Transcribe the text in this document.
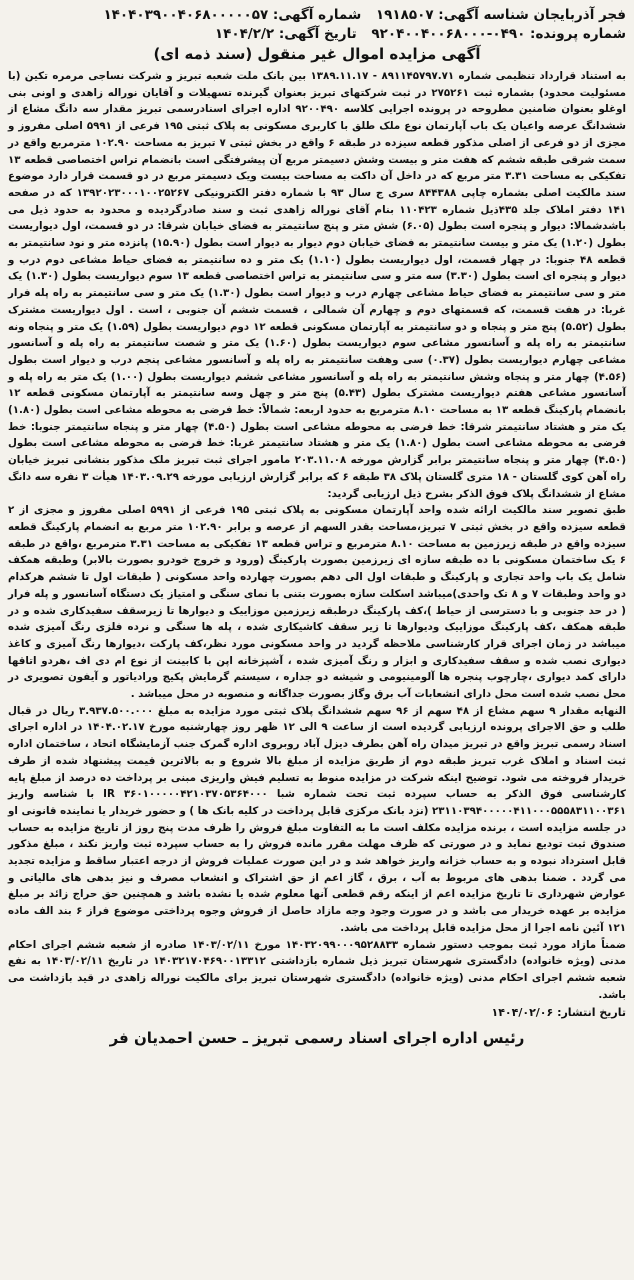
فجر آذربایجان شناسه آگهی: ۱۹۱۸۵۰۷ شماره آگهی: ۱۴۰۴۰۳۹۰۰۴۰۶۸۰۰۰۰۰۵۷
شماره پرونده: ۰۴۹۰-۹۲۰۴۰۰۴۰۰۶۸۰۰۰ تاریخ آگهی: ۱۴۰۴/۲/۲
آگهی مزایده اموال غیر منقول (سند ذمه ای)

به استناد قرارداد تنظیمی شماره ۸۹۱۱۴۵۷۹۷.۷۱ - ۱۳۸۹.۱۱.۱۷ بین بانک ملت شعبه تبریز و شرکت نساجی مرمره تکین (با مسئولیت محدود) بشماره ثبت ۲۷۵۲۶۱ در ثبت شرکتهای تبریز بعنوان گیرنده تسهیلات و آقایان نوراله زاهدی و اونی بنی اوغلو بعنوان ضامنین مطروحه در پرونده اجرایی کلاسه ۹۲۰۰۴۹۰ اداره اجرای اسنادرسمی تبریز مقدار سه دانگ مشاع از ششدانگ عرصه واعیان یک باب آپارتمان نوع ملک طلق با کاربری مسکونی به پلاک ثبتی ۱۹۵ فرعی از ۵۹۹۱ اصلی مفروز و مجزی از دو فرعی از اصلی مذکور قطعه سیزده در طبقه ۶ واقع در بخش ثبتی ۷ تبریز به مساحت ۱۰۲.۹۰ مترمربع واقع در سمت شرقی طبقه ششم که هفت متر و بیست وشش دسیمتر مربع آن پیشرفتگی است بانضمام تراس اختصاصی قطعه ۱۳ تفکیکی به مساحت ۳.۳۱ متر مربع که در داخل آن داکت به مساحت بیست ویک دسیمتر مربع در دو قسمت قرار دارد موضوع سند مالکیت اصلی بشماره چاپی ۸۴۴۳۸۸ سری ج سال ۹۳ با شماره دفتر الکترونیکی ۱۳۹۲۰۲۳۰۰۰۱۰۰۲۵۲۶۷ که در صفحه ۱۴۱ دفتر املاک جلد ۴۳۵ذیل شماره ۱۱۰۴۲۳ بنام آقای نوراله زاهدی ثبت و سند صادرگردیده و محدود به حدود ذیل می باشدشمالا: دیوار و پنجره است بطول (۶.۰۵) شش متر و پنج سانتیمتر به فضای خیابان شرقا: در دو قسمت، اول دیواریست بطول (۱.۲۰) یک متر و بیست سانتیمتر به فضای خیابان دوم دیوار به دیوار است بطول (۱۵.۹۰) پانزده متر و نود سانتیمتر به قطعه ۴۸ جنوبا: در چهار قسمت، اول دیواریست بطول (۱.۱۰) یک متر و ده سانتیمتر به فضای حیاط مشاعی دوم درب و دیوار و پنجره ای است بطول (۳.۳۰) سه متر و سی سانتیمتر به تراس اختصاصی قطعه ۱۳ سوم دیواریست بطول (۱.۳۰) یک متر و سی سانتیمتر به فضای حیاط مشاعی چهارم درب و دیوار است بطول (۱.۳۰) یک متر و سی سانتیمتر به راه پله فرار غربا: در هفت قسمت، که قسمتهای دوم و چهارم آن شمالی ، قسمت ششم آن جنوبی ، است . اول دیواریست مشترک بطول (۵.۵۲) پنج متر و پنجاه و دو سانتیمتر به آپارتمان مسکونی قطعه ۱۲ دوم دیواریست بطول (۱.۵۹) یک متر و پنجاه ونه سانتیمتر به راه پله و آسانسور مشاعی سوم دیواریست بطول (۱.۶۰) یک متر و شصت سانتیمتر به راه پله و آسانسور مشاعی چهارم دیواریست بطول (۰.۳۷) سی وهفت سانتیمتر به راه پله و آسانسور مشاعی پنجم درب و دیوار است بطول (۴.۵۶) چهار متر و پنجاه وشش سانتیمتر به راه پله و آسانسور مشاعی ششم دیواریست بطول (۱.۰۰) یک متر به راه پله و آسانسور مشاعی هفتم دیواریست مشترک بطول (۵.۴۳) پنج متر و چهل وسه سانتیمتر به آپارتمان مسکونی قطعه ۱۲ بانضمام پارکینگ قطعه ۱۳ به مساحت ۸.۱۰ مترمربع به حدود اربعه: شمالاً: خط فرضی به محوطه مشاعی است بطول (۱.۸۰) یک متر و هشتاد سانتیمتر شرقا: خط فرضی به محوطه مشاعی است بطول (۴.۵۰) چهار متر و پنجاه سانتیمتر جنوبا: خط فرضی به محوطه مشاعی است بطول (۱.۸۰) یک متر و هشتاد سانتیمتر غربا: خط فرضی به محوطه مشاعی است بطول (۴.۵۰) چهار متر و پنجاه سانتیمتر برابر گزارش مورخه ۲۰۳.۱۱.۰۸ مامور اجرای ثبت تبریز ملک مذکور بنشانی تبریز خیابان راه آهن کوی گلستان - ۱۸ متری گلستان پلاک ۳۸ طبقه ۶ که برابر گزارش ارزیابی مورخه ۱۴۰۳.۰۹.۲۹ هیأت ۳ نفره سه دانگ مشاع از ششدانگ پلاک فوق الذکر بشرح ذیل ارزیابی گردید:

طبق تصویر سند مالکیت ارائه شده واحد آپارتمان مسکونی به پلاک ثبتی ۱۹۵ فرعی از ۵۹۹۱ اصلی مفروز و مجزی از ۲ قطعه سیزده واقع در بخش ثبتی ۷ تبریز،مساحت بقدر السهم از عرصه و برابر ۱۰۲.۹۰ متر مربع به انضمام پارکینگ قطعه سیزده واقع در طبقه زیرزمین به مساحت ۸.۱۰ مترمربع و تراس قطعه ۱۳ تفکیکی به مساحت ۳.۳۱ مترمربع ،واقع در طبقه ۶ یک ساختمان مسکونی با ده طبقه سازه ای زیرزمین بصورت پارکینگ (ورود و خروج خودرو بصورت بالابر) وطبقه همکف شامل یک باب واحد تجاری و پارکینگ و طبقات اول الی دهم بصورت چهارده واحد مسکونی ( طبقات اول تا ششم هرکدام دو واحد وطبقات ۷ و ۸ تک واحدی)میباشد اسکلت سازه بصورت بتنی با نمای سنگی و امتیاز یک دستگاه آسانسور و پله فرار ( در حد جنوبی و با دسترسی از حیاط )،کف پارکینگ درطبقه زیرزمین موزاییک و دیوارها تا زیرسقف سفیدکاری شده و در طبقه همکف ،کف پارکینگ موزاییک ودیوارها تا زیر سقف کاشیکاری شده ، پله ها سنگی و نرده فلزی رنگ آمیزی شده میباشد در زمان اجرای قرار کارشناسی ملاحظه گردید در واحد مسکونی مورد نظر،کف پارکت ،دیوارها رنگ آمیزی و کاغذ دیواری نصب شده و سقف سفیدکاری و ابزار و رنگ آمیزی شده ، آشپزخانه اپن با کابینت از نوع ام دی اف ،هردو اتاقها دارای کمد دیواری ،چارچوب پنجره ها آلومینیومی و شیشه دو جداره ، سیستم گرمایش پکیج ورادیاتور و آیفون تصویری در محل نصب شده است محل دارای انشعابات آب برق وگاز بصورت جداگانه و منصوبه در محل میباشد .

النهایه مقدار ۹ سهم مشاع از ۴۸ سهم از ۹۶ سهم ششدانگ پلاک ثبتی مورد مزایده به مبلغ ۳.۹۳۷.۵۰۰.۰۰۰ ریال در قبال طلب و حق الاجرای پرونده ارزیابی گردیده است از ساعت ۹ الی ۱۲ ظهر روز چهارشنبه مورخ ۱۴۰۴.۰۲.۱۷ در اداره اجرای اسناد رسمی تبریز واقع در تبریز میدان راه آهن بطرف دیزل آباد روبروی اداره گمرک جنب آزمایشگاه اتحاد ، ساختمان اداره ثبت اسناد و املاک غرب تبریز طبقه دوم از طریق مزایده از مبلغ بالا شروع و به بالاترین قیمت پیشنهاد شده از طرف خریدار فروخته می شود. توضیح اینکه شرکت در مزایده منوط به تسلیم فیش واریزی مبنی بر پرداخت ده درصد از مبلغ پایه کارشناسی فوق الذکر به حساب سپرده ثبت تحت شماره شبا IR ۳۶۰۱۰۰۰۰۰۴۲۱۰۳۷۰۵۳۶۴۰۰۰ با شناسه واریز ۲۳۱۱۰۳۹۴۰۰۰۰۰۴۱۱۰۰۰۵۵۵۸۳۱۱۰۰۳۶۱ (نزد بانک مرکزی قابل پرداخت در کلیه بانک ها ) و حضور خریدار یا نماینده قانونی او در جلسه مزایده است ، برنده مزایده مکلف است ما به التفاوت مبلغ فروش را ظرف مدت پنج روز از تاریخ مزایده به حساب صندوق ثبت تودیع نماید و در صورتی که ظرف مهلت مقرر مانده فروش را به حساب سپرده ثبت واریز نکند ، مبلغ مذکور قابل استرداد نبوده و به حساب خزانه واریز خواهد شد و در این صورت عملیات فروش از درجه اعتبار ساقط و مزایده تجدید می گردد . ضمنا بدهی های مربوط به آب ، برق ، گاز اعم از حق اشتراک و انشعاب مصرف و نیز بدهی های مالیاتی و عوارض شهرداری تا تاریخ مزایده اعم از اینکه رقم قطعی آنها معلوم شده یا نشده باشد و همچنین حق حراج زائد بر مبلغ مزایده بر عهده خریدار می باشد و در صورت وجود وجه مازاد حاصل از فروش وجوه پرداختی موضوع فراز ۶ بند الف ماده ۱۲۱ آئین نامه اجرا از محل مزایده قابل پرداخت می باشد.

ضمناً مازاد مورد ثبت بموجب دستور شماره ۱۴۰۳۲۰۹۹۰۰۰۹۵۲۸۸۳۳ مورخ ۱۴۰۳/۰۲/۱۱ صادره از شعبه ششم اجرای احکام مدنی (ویژه خانواده) دادگستری شهرستان تبریز ذیل شماره بازداشتی ۱۴۰۳۲۱۷۰۴۶۹۰۰۱۳۳۱۲ در تاریخ ۱۴۰۳/۰۲/۱۱ به نفع شعبه ششم اجرای احکام مدنی (ویژه خانواده) دادگستری شهرستان تبریز برای مالکیت نوراله زاهدی در قید بازداشت می باشد.

تاریخ انتشار: ۱۴۰۴/۰۲/۰۶
رئیس اداره اجرای اسناد رسمی تبریز ـ حسن احمدیان فر
